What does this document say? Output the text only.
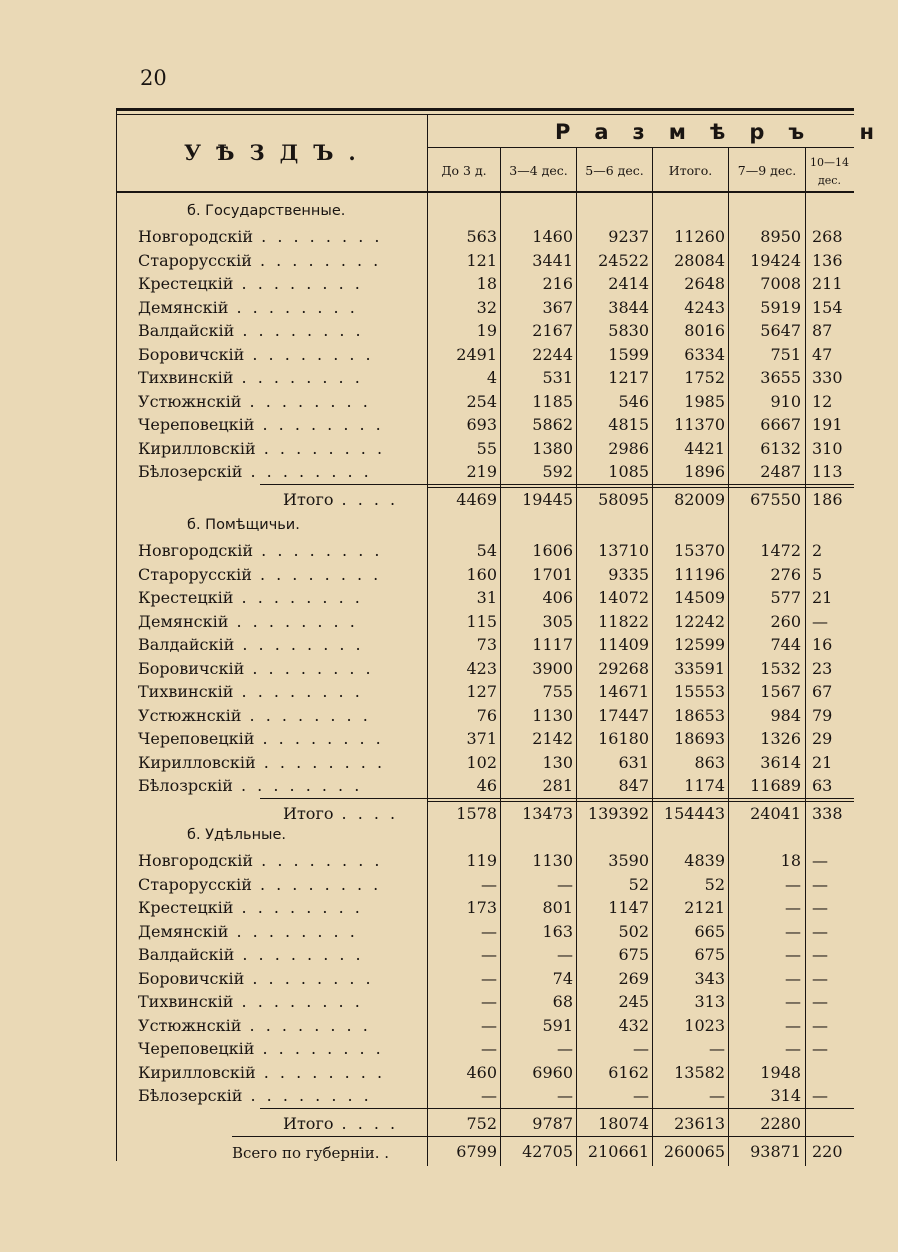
20
УѢЗДЪ.
Размѣръ н
До 3 д.	3—4 дес.	5—6 дес.	Итого.	7—9 дес.
10—14 дес.
б. Государственные.
Новгородскій . . . . . . . .	563	1460	9237	11260	8950 268
Старорусскій . . . . . . . .	121	3441	24522	28084	19424 136
Крестецкій . . . . . . . .	18	216	2414	2648	7008 211
Демянскій . . . . . . . .	32	367	3844	4243	5919 154
Валдайскій . . . . . . . .	19	2167	5830	8016	5647 87
Боровичскій . . . . . . . .	2491	2244	1599	6334	751 47
Тихвинскій . . . . . . . .	4	531	1217	1752	3655 330
Устюжнскій . . . . . . . .	254	1185	546	1985	910 12
Череповецкій . . . . . . . .	693	5862	4815	11370	6667 191
Кирилловскій . . . . . . . .	55	1380	2986	4421	6132 310
Бѣлозерскій . . . . . . . .	219	592	1085	1896	2487 113
Итого . . . .	4469	19445	58095	82009	67550 186
б. Помѣщичьи.
Новгородскій . . . . . . . .	54	1606	13710	15370	1472 2
Старорусскій . . . . . . . .	160	1701	9335	11196	276 5
Крестецкій . . . . . . . .	31	406	14072	14509	577 21
Демянскій . . . . . . . .	115	305	11822	12242	260 —
Валдайскій . . . . . . . .	73	1117	11409	12599	744 16
Боровичскій . . . . . . . .	423	3900	29268	33591	1532 23
Тихвинскій . . . . . . . .	127	755	14671	15553	1567 67
Устюжнскій . . . . . . . .	76	1130	17447	18653	984 79
Череповецкій . . . . . . . .	371	2142	16180	18693	1326 29
Кирилловскій . . . . . . . .	102	130	631	863	3614 21
Бѣлозрскій . . . . . . . .	46	281	847	1174	11689 63
Итого . . . .	1578	13473 139392 154443	24041 338
б. Удѣльные.
Новгородскій . . . . . . . .	119	1130	3590	4839	18 —
Старорусскій . . . . . . . .	—	—	52	52	— —
Крестецкій . . . . . . . .	173	801	1147	2121	— —
Демянскій . . . . . . . .	—	163	502	665	— —
Валдайскій . . . . . . . .	—	—	675	675	— —
Боровичскій . . . . . . . .	—	74	269	343	— —
Тихвинскій . . . . . . . .	—	68	245	313	— —
Устюжнскій . . . . . . . .	—	591	432	1023	— —
Череповецкій . . . . . . . .	—	—	—	—	— —
Кирилловскій . . . . . . . .	460	6960	6162	13582	1948
Бѣлозерскій . . . . . . . .	—	—	—	—	314 —
Итого . . . .	752	9787	18074	23613	2280
Всего по губерніи. .	6799	42705 210661 260065	93871 220
